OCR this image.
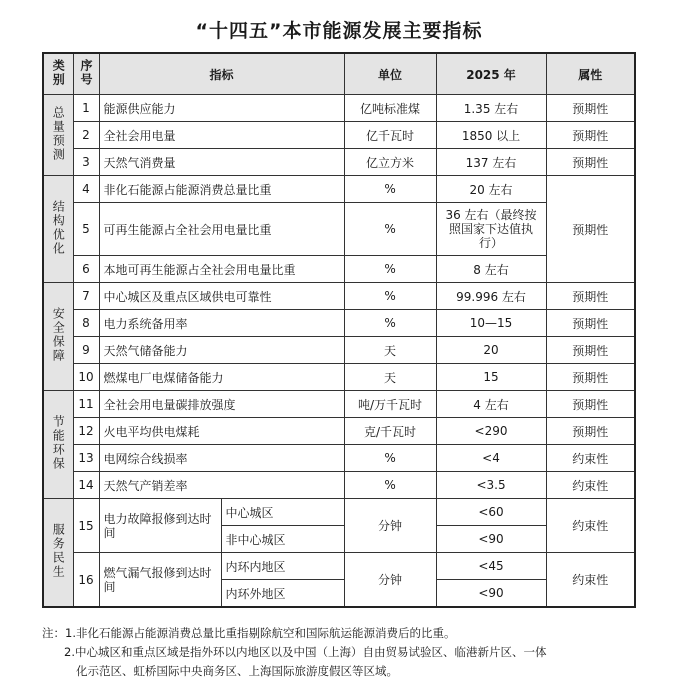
“十四五”本市能源发展主要指标
类别	序号	指标		单位	2025 年	属性
总量预测	1	能源供应能力		亿吨标准煤	1.35 左右	预期性
	2	全社会用电量		亿千瓦时	1850 以上	预期性
	3	天然气消费量		亿立方米	137 左右	预期性
结构优化	4	非化石能源占能源消费总量比重		%	20 左右	预期性
	5	可再生能源占全社会用电量比重		%	36 左右（最终按照国家下达值执行）	
	6	本地可再生能源占全社会用电量比重		%	8 左右	
安全保障	7	中心城区及重点区域供电可靠性		%	99.996 左右	预期性
	8	电力系统备用率		%	10—15	预期性
	9	天然气储备能力		天	20	预期性
	10	燃煤电厂电煤储备能力		天	15	预期性
节能环保	11	全社会用电量碳排放强度		吨/万千瓦时	4 左右	预期性
	12	火电平均供电煤耗		克/千瓦时	<290	预期性
	13	电网综合线损率		%	<4	约束性
	14	天然气产销差率		%	<3.5	约束性
服务民生	15	电力故障报修到达时间	中心城区	分钟	<60	约束性
			非中心城区		<90	
	16	燃气漏气报修到达时间	内环内地区	分钟	<45	约束性
			内环外地区		<90	
注：1.非化石能源占能源消费总量比重指剔除航空和国际航运能源消费后的比重。
2.中心城区和重点区域是指外环以内地区以及中国（上海）自由贸易试验区、临港新片区、一体
化示范区、虹桥国际中央商务区、上海国际旅游度假区等区域。
